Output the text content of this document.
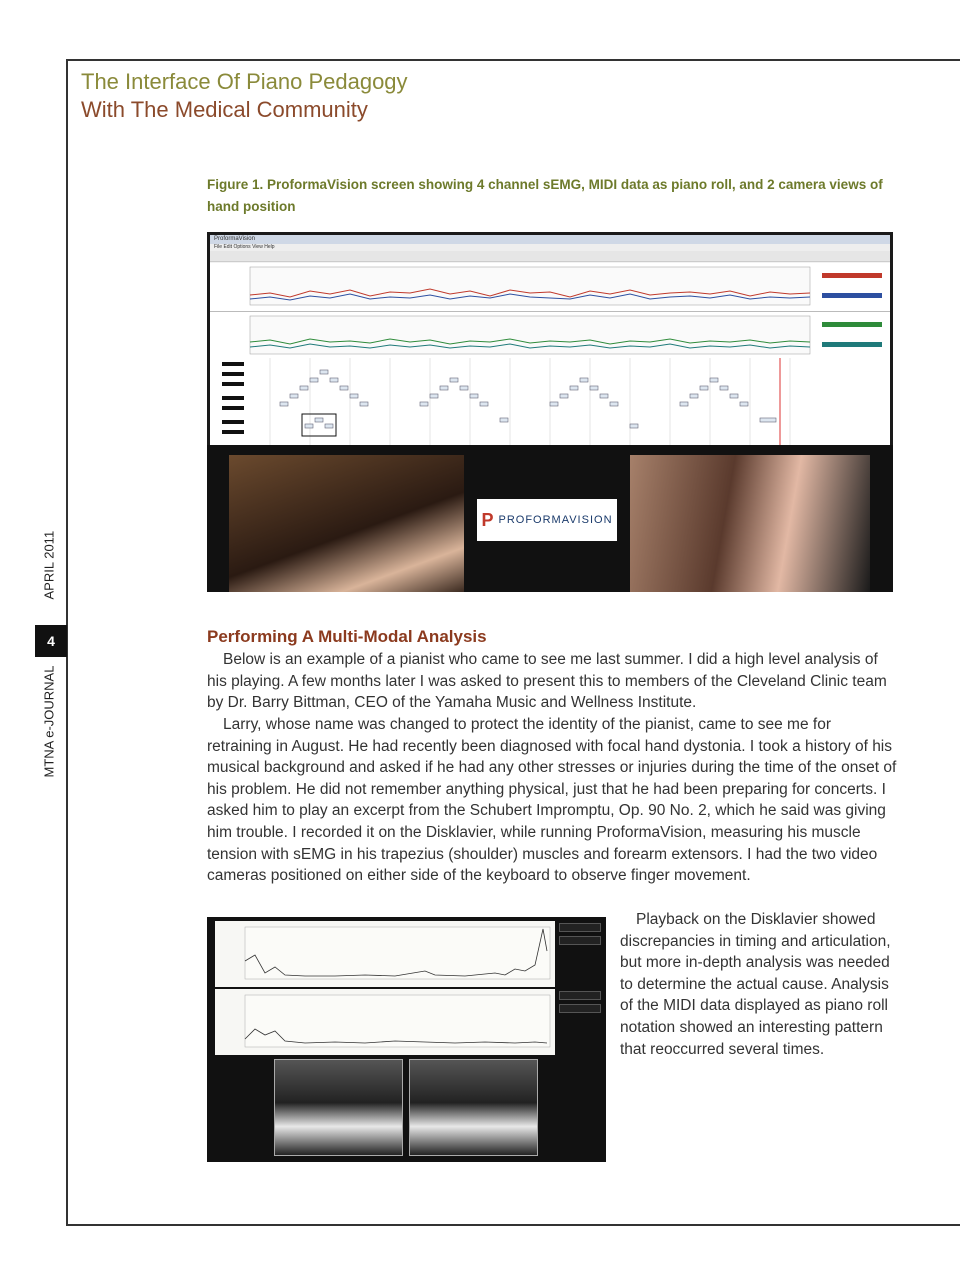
The Interface Of Piano Pedagogy
With The Medical Community
MTNA e-JOURNAL  APRIL 2011
4
Figure 1. ProformaVision screen showing 4 channel sEMG, MIDI data as piano roll, and 2 camera views of hand position
ProformaVision
File Edit Options View Help
P PROFORMAVISION
Performing A Multi-Modal Analysis

Below is an example of a pianist who came to see me last summer. I did a high level analysis of his playing. A few months later I was asked to present this to members of the Cleveland Clinic team by Dr. Barry Bittman, CEO of the Yamaha Music and Wellness Institute.

Larry, whose name was changed to protect the identity of the pianist, came to see me for retraining in August. He had recently been diagnosed with focal hand dystonia. I took a history of his musical background and asked if he had any other stresses or injuries during the time of the onset of his problem. He did not remember anything physical, just that he had been preparing for concerts. I asked him to play an excerpt from the Schubert Impromptu, Op. 90 No. 2, which he said was giving him trouble. I recorded it on the Disklavier, while running ProformaVision, measuring his muscle tension with sEMG in his trapezius (shoulder) muscles and forearm extensors. I had the two video cameras positioned on either side of the keyboard to observe finger movement.

Playback on the Disklavier showed discrepancies in timing and articulation, but more in-depth analysis was needed to determine the actual cause. Analysis of the MIDI data displayed as piano roll notation showed an interesting pattern that reoccurred several times.
